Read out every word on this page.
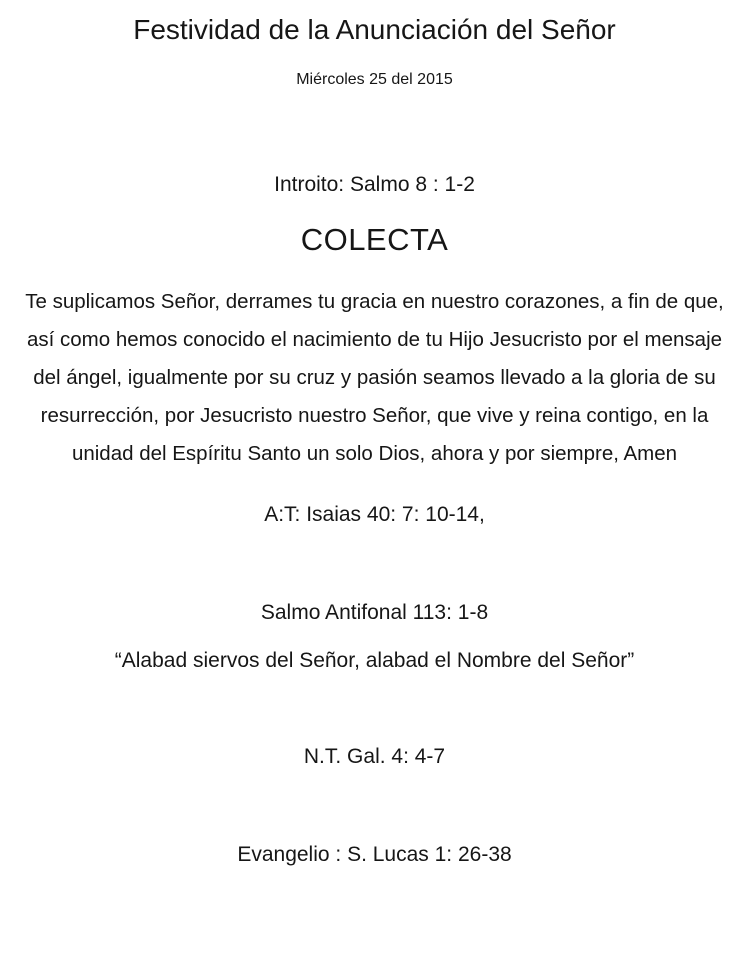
Festividad de la Anunciación del Señor
Miércoles 25 del 2015
Introito: Salmo 8 : 1-2
COLECTA
Te suplicamos Señor, derrames tu gracia en nuestro corazones, a fin de que,
así como hemos conocido el nacimiento de tu Hijo Jesucristo por el mensaje
del ángel, igualmente por su cruz y pasión seamos llevado a la gloria de su
resurrección, por Jesucristo nuestro Señor, que vive y reina contigo, en la
unidad del Espíritu Santo un solo Dios, ahora y por siempre, Amen
A:T: Isaias 40: 7: 10-14,
Salmo Antifonal 113: 1-8
“Alabad siervos del Señor, alabad el Nombre del Señor”
N.T. Gal. 4: 4-7
Evangelio : S. Lucas 1: 26-38
